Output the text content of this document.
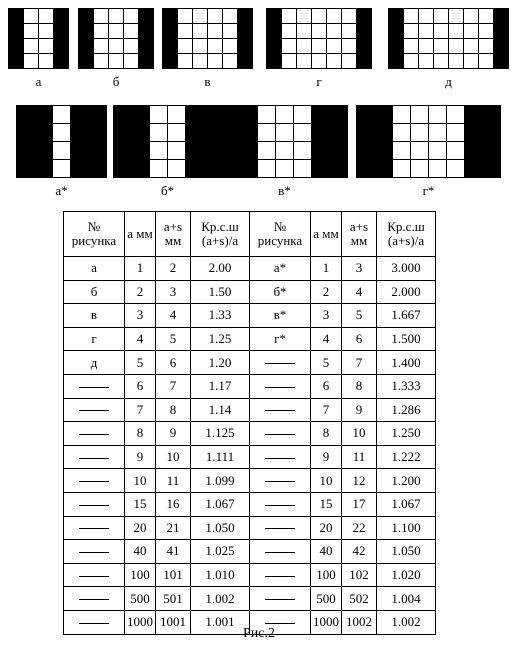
а	б	в	г	д
а*	б*	в*	г*
№ рисунка	а мм	a+s мм	Кр.с.ш (a+s)/a	№ рисунка	а мм	a+s мм	Кр.с.ш (a+s)/a
а	1	2	2.00	а*	1	3	3.000
б	2	3	1.50	б*	2	4	2.000
в	3	4	1.33	в*	3	5	1.667
г	4	5	1.25	г*	4	6	1.500
д	5	6	1.20		5	7	1.400
	6	7	1.17		6	8	1.333
	7	8	1.14		7	9	1.286
	8	9	1.125		8	10	1.250
	9	10	1.111		9	11	1.222
	10	11	1.099		10	12	1.200
	15	16	1.067		15	17	1.067
	20	21	1.050		20	22	1.100
	40	41	1.025		40	42	1.050
	100	101	1.010		100	102	1.020
	500	501	1.002		500	502	1.004
	1000	1001	1.001		1000	1002	1.002
Рис.2
